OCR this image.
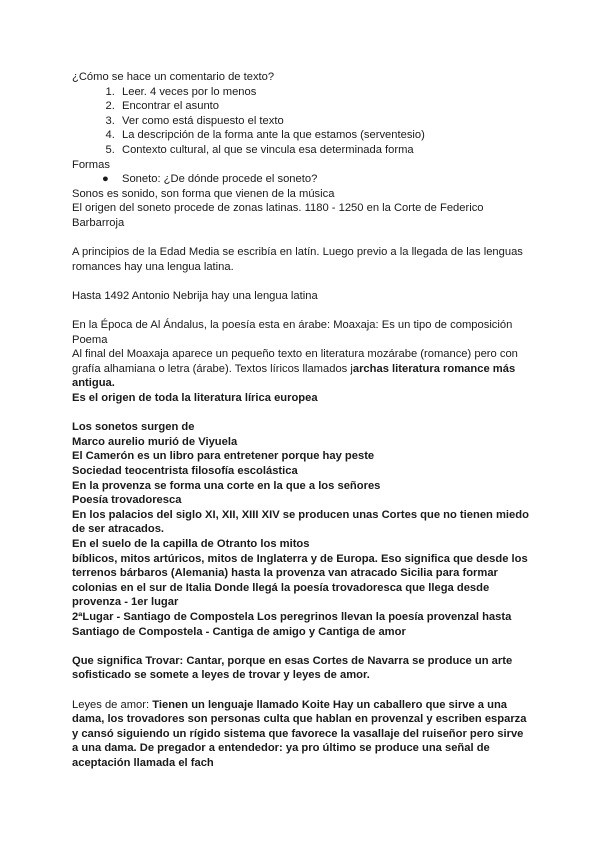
¿Cómo se hace un comentario de texto?

1. Leer. 4 veces por lo menos
2. Encontrar el asunto
3. Ver como está dispuesto el texto
4. La descripción de la forma ante la que estamos (serventesio)
5. Contexto cultural, al que se vincula esa determinada forma

Formas

● Soneto: ¿De dónde procede el soneto?

Sonos es sonido, son forma que vienen de la música

El origen del soneto procede de zonas latinas. 1180 - 1250 en la Corte de Federico Barbarroja

A principios de la Edad Media se escribía en latín. Luego previo a la llegada de las lenguas romances hay una lengua latina.

Hasta 1492 Antonio Nebrija hay una lengua latina

En la Época de Al Ándalus, la poesía esta en árabe: Moaxaja: Es un tipo de composición Poema

Al final del Moaxaja aparece un pequeño texto en literatura mozárabe (romance) pero con grafía alhamiana o letra (árabe). Textos líricos llamados jarchas literatura romance más antigua.

Es el origen de toda la literatura lírica europea

Los sonetos surgen de

Marco aurelio murió de Viyuela

El Camerón es un libro para entretener porque hay peste

Sociedad teocentrista filosofía escolástica

En la provenza se forma una corte en la que a los señores

Poesía trovadoresca

En los palacios del siglo XI, XII, XIII XIV se producen unas Cortes que no tienen miedo de ser atracados.

En el suelo de la capilla de Otranto los mitos

bíblicos, mitos artúricos, mitos de Inglaterra y de Europa. Eso significa que desde los terrenos bárbaros (Alemania) hasta la provenza van atracado Sicilia para formar colonias en el sur de Italia Donde llegá la poesía trovadoresca que llega desde provenza - 1er lugar

2ªLugar - Santiago de Compostela Los peregrinos llevan la poesía provenzal hasta Santiago de Compostela - Cantiga de amigo y Cantiga de amor

Que significa Trovar: Cantar, porque en esas Cortes de Navarra se produce un arte sofisticado se somete a leyes de trovar y leyes de amor.

Leyes de amor: Tienen un lenguaje llamado Koite Hay un caballero que sirve a una dama, los trovadores son personas culta que hablan en provenzal y escriben esparza y cansó siguiendo un rígido sistema que favorece la vasallaje del ruiseñor pero sirve a una dama. De pregador a entendedor: ya pro último se produce una señal de aceptación llamada el fach
